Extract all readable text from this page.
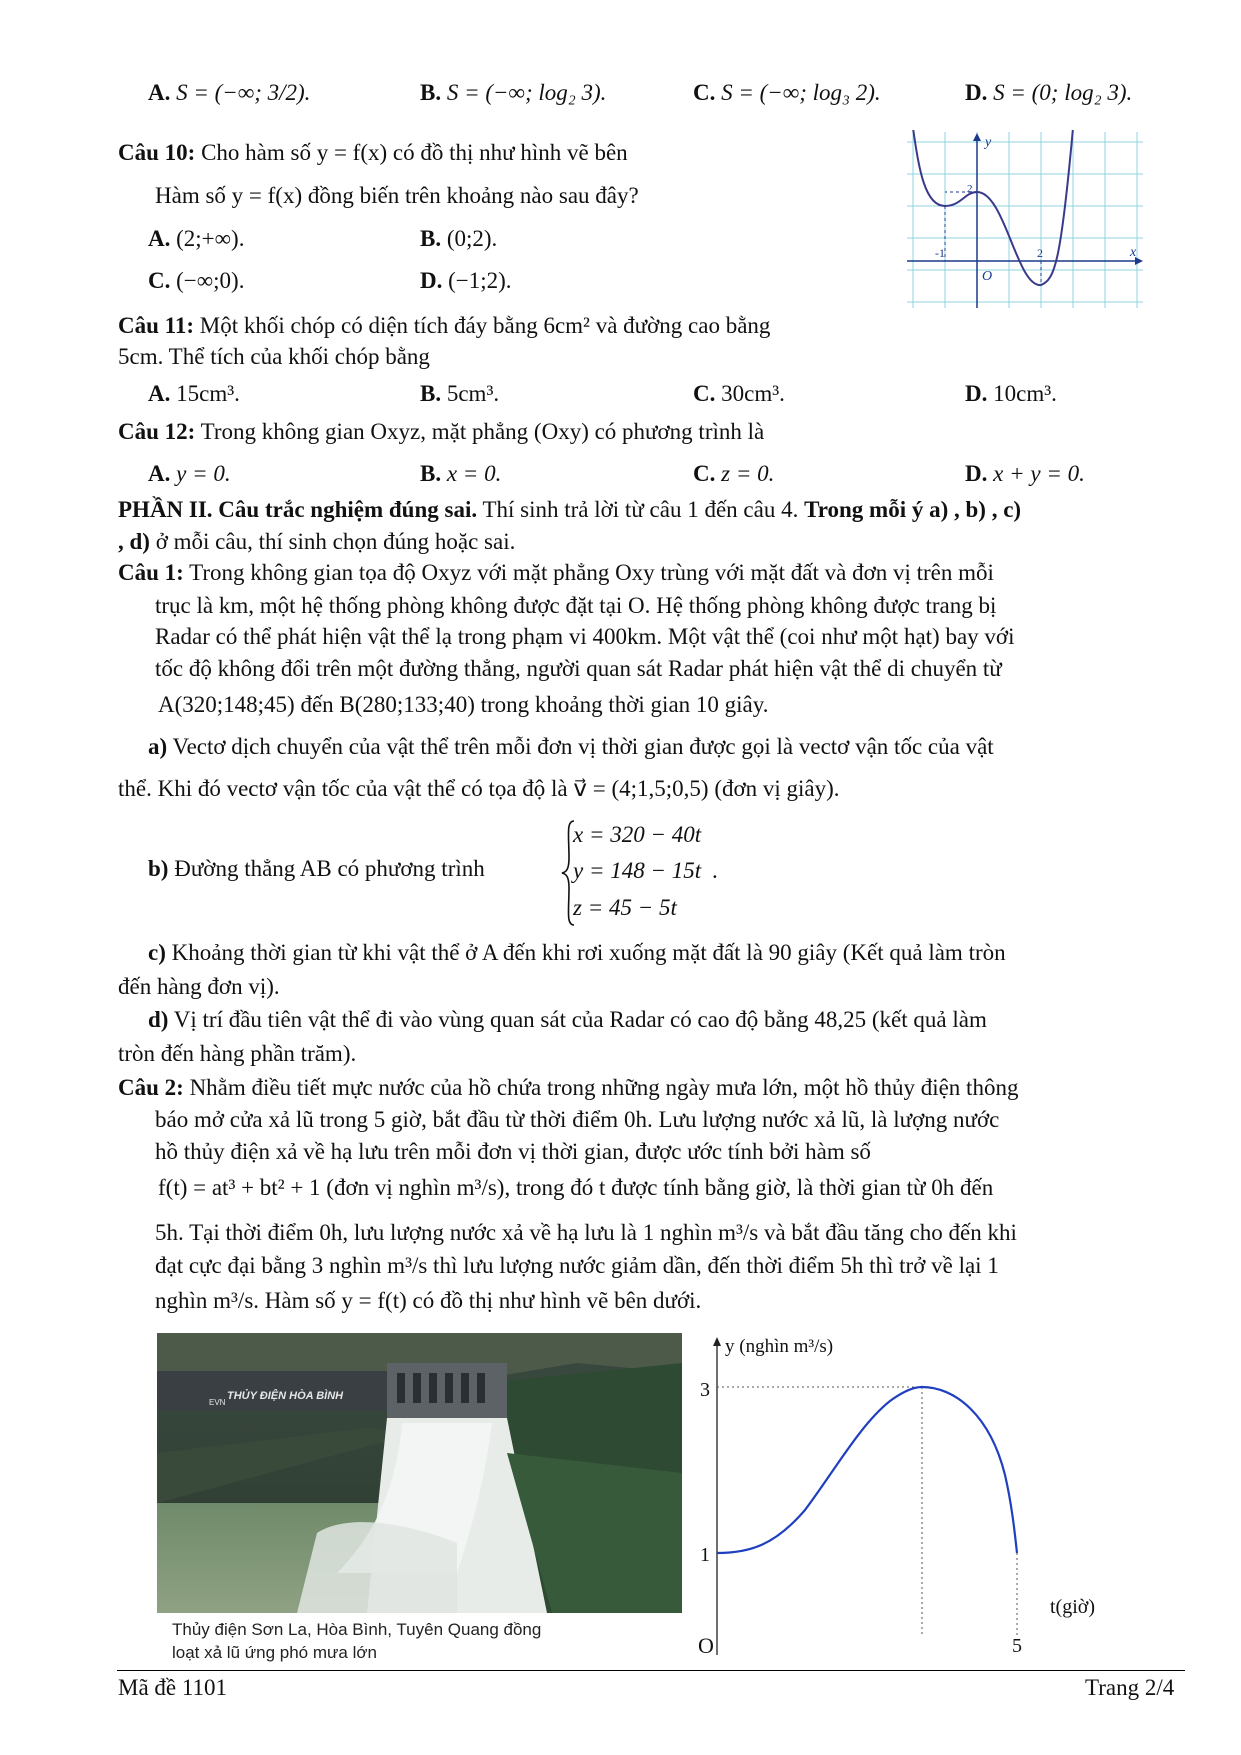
A. S = (−∞; 3/2).	B. S = (−∞; log₂ 3).	C. S = (−∞; log₃ 2).	D. S = (0; log₂ 3).
Câu 10: Cho hàm số y = f(x) có đồ thị như hình vẽ bên
Hàm số y = f(x) đồng biến trên khoảng nào sau đây?
A. (2;+∞).	B. (0;2).
C. (−∞;0).	D. (−1;2).
y
x
O
-1	2
2
Câu 11: Một khối chóp có diện tích đáy bằng 6cm² và đường cao bằng
5cm. Thể tích của khối chóp bằng
A. 15cm³.	B. 5cm³.	C. 30cm³.	D. 10cm³.
Câu 12: Trong không gian Oxyz, mặt phẳng (Oxy) có phương trình là
A. y = 0.	B. x = 0.	C. z = 0.	D. x + y = 0.
PHẦN II. Câu trắc nghiệm đúng sai. Thí sinh trả lời từ câu 1 đến câu 4. Trong mỗi ý a) , b) , c)
, d) ở mỗi câu, thí sinh chọn đúng hoặc sai.
Câu 1: Trong không gian tọa độ Oxyz với mặt phẳng Oxy trùng với mặt đất và đơn vị trên mỗi
trục là km, một hệ thống phòng không được đặt tại O. Hệ thống phòng không được trang bị
Radar có thể phát hiện vật thể lạ trong phạm vi 400km. Một vật thể (coi như một hạt) bay với
tốc độ không đổi trên một đường thẳng, người quan sát Radar phát hiện vật thể di chuyển từ
A(320;148;45) đến B(280;133;40) trong khoảng thời gian 10 giây.
a) Vectơ dịch chuyển của vật thể trên mỗi đơn vị thời gian được gọi là vectơ vận tốc của vật
thể. Khi đó vectơ vận tốc của vật thể có tọa độ là v⃗ = (4;1,5;0,5) (đơn vị giây).
b) Đường thẳng AB có phương trình
x = 320 − 40t
y = 148 − 15t
z = 45 − 5t
.
c) Khoảng thời gian từ khi vật thể ở A đến khi rơi xuống mặt đất là 90 giây (Kết quả làm tròn
đến hàng đơn vị).
d) Vị trí đầu tiên vật thể đi vào vùng quan sát của Radar có cao độ bằng 48,25 (kết quả làm
tròn đến hàng phần trăm).
Câu 2: Nhằm điều tiết mực nước của hồ chứa trong những ngày mưa lớn, một hồ thủy điện thông
báo mở cửa xả lũ trong 5 giờ, bắt đầu từ thời điểm 0h. Lưu lượng nước xả lũ, là lượng nước
hồ thủy điện xả về hạ lưu trên mỗi đơn vị thời gian, được ước tính bởi hàm số
f(t) = at³ + bt² + 1 (đơn vị nghìn m³/s), trong đó t được tính bằng giờ, là thời gian từ 0h đến
5h. Tại thời điểm 0h, lưu lượng nước xả về hạ lưu là 1 nghìn m³/s và bắt đầu tăng cho đến khi
đạt cực đại bằng 3 nghìn m³/s thì lưu lượng nước giảm dần, đến thời điểm 5h thì trở về lại 1
nghìn m³/s. Hàm số y = f(t) có đồ thị như hình vẽ bên dưới.
THỦY ĐIỆN HÒA BÌNH
EVN
Thủy điện Sơn La, Hòa Bình, Tuyên Quang đồng
loạt xả lũ ứng phó mưa lớn
y (nghìn m³/s)
t(giờ)
O
3
1
5
Mã đề 1101	Trang 2/4
